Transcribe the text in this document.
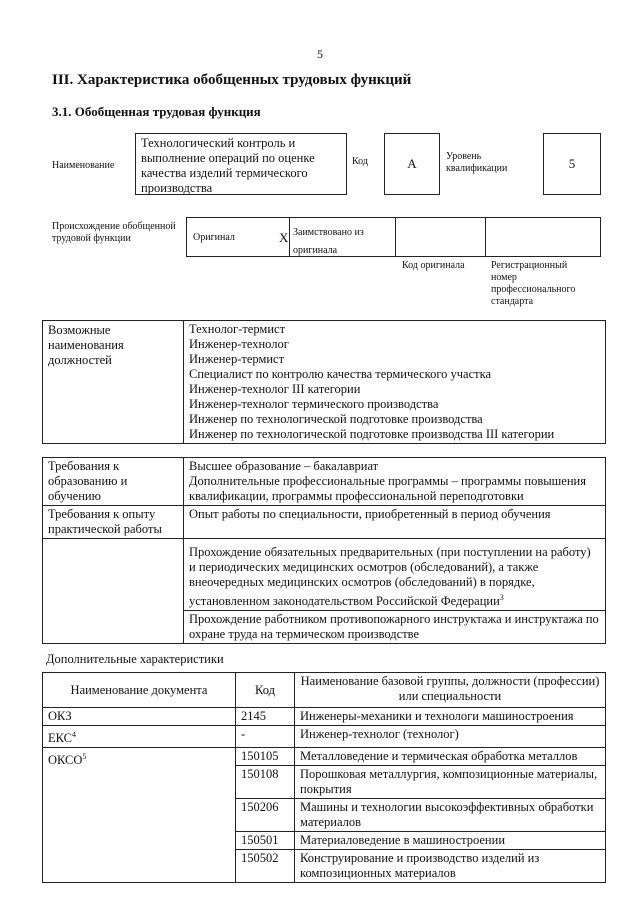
5
III. Характеристика обобщенных трудовых функций
3.1. Обобщенная трудовая функция
Наименование
Технологический контроль и выполнение операций по оценке качества изделий термического производства
Код	А	Уровень квалификации	5
Происхождение обобщенной трудовой функции	Оригинал	X Заимствовано из оригинала
Код оригинала	Регистрационный номер профессионального стандарта
Возможные наименования должностей	
Технолог-термист
Инженер-технолог
Инженер-термист
Специалист по контролю качества термического участка
Инженер-технолог III категории
Инженер-технолог термического производства
Инженер по технологической подготовке производства
Инженер по технологической подготовке производства III категории
Требования к образованию и обучению	Высшее образование – бакалавриат
Дополнительные профессиональные программы – программы повышения квалификации, программы профессиональной переподготовки

Требования к опыту практической работы	Опыт работы по специальности, приобретенный в период обучения
	Прохождение обязательных предварительных (при поступлении на работу) и периодических медицинских осмотров (обследований), а также внеочередных медицинских осмотров (обследований) в порядке, установленном законодательством Российской Федерации$^3$
	Прохождение работником противопожарного инструктажа и инструктажа по охране труда на термическом производстве
Дополнительные характеристики
Наименование документа	Код	Наименование базовой группы, должности (профессии) или специальности
ОКЗ	2145	Инженеры-механики и технологи машиностроения
ЕКС$^4$	-	Инженер-технолог (технолог)
ОКСО$^5$	150105	Металловедение и термическая обработка металлов
	150108	Порошковая металлургия, композиционные материалы, покрытия
	150206	Машины и технологии высокоэффективных обработки материалов
	150501	Материаловедение в машиностроении
	150502	Конструирование и производство изделий из композиционных материалов
